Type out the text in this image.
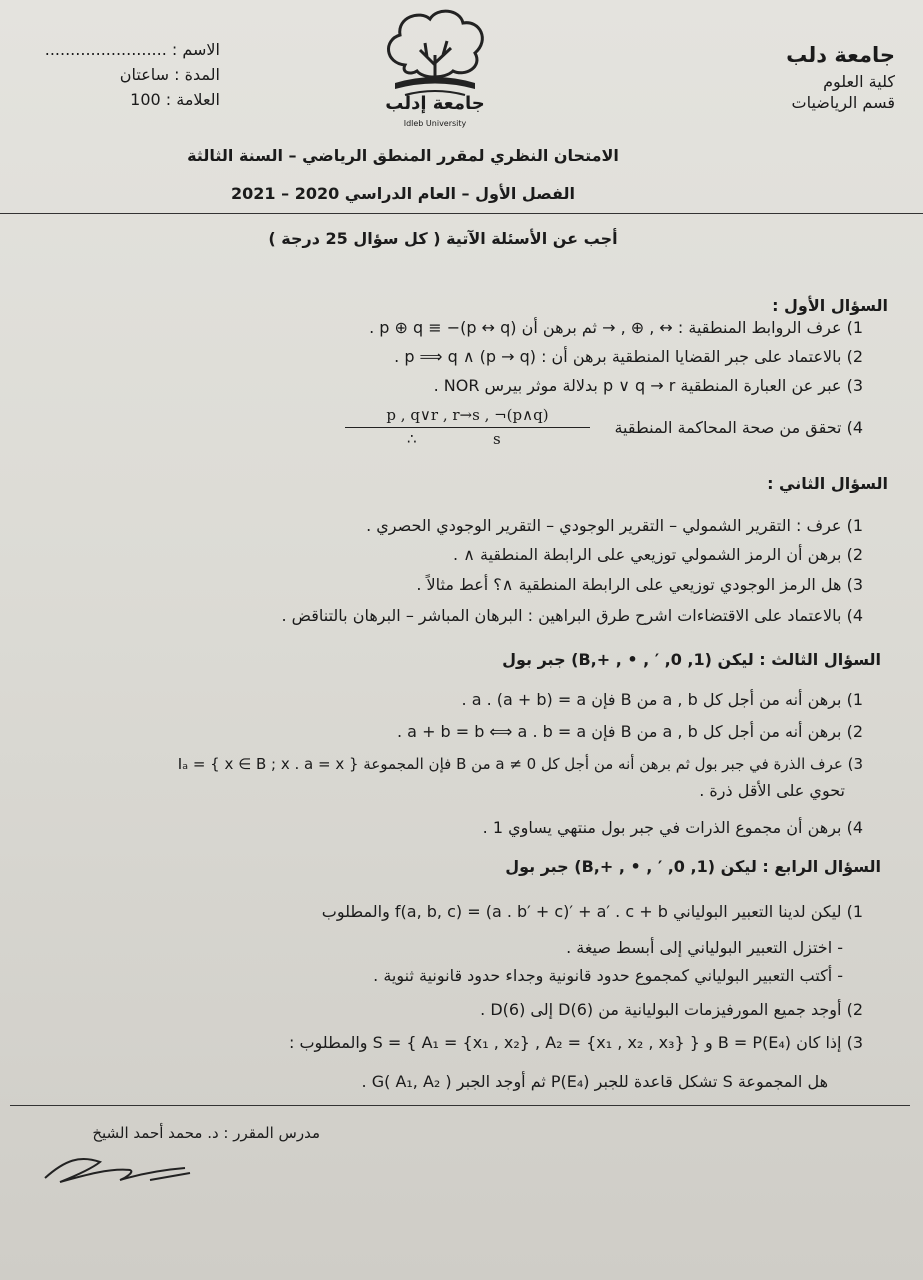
جامعة دلب
كلية العلوم
قسم الرياضيات
الاسم : ........................
المدة : ساعتان
العلامة : 100	جامعة إدلب
Idleb University
الامتحان النظري لمقرر المنطق الرياضي – السنة الثالثة
الفصل الأول – العام الدراسي 2020 – 2021
أجب عن الأسئلة الآتية ( كل سؤال 25 درجة )
السؤال الأول :
1) عرف الروابط المنطقية : ↔ , ⊕ , → ثم برهن أن p ⊕ q ≡ −(p ↔ q) .
2) بالاعتماد على جبر القضايا المنطقية برهن أن : (p → q) ∧ p ⟹ q .
3) عبر عن العبارة المنطقية p ∨ q → r بدلالة موثر بيرس NOR .
4) تحقق من صحة المحاكمة المنطقية
p , q∨r , r→s , ¬(p∧q)
∴	s
السؤال الثاني :
1) عرف : التقرير الشمولي – التقرير الوجودي – التقرير الوجودي الحصري .
2) برهن أن الرمز الشمولي توزيعي على الرابطة المنطقية ∧ .
3) هل الرمز الوجودي توزيعي على الرابطة المنطقية ∧؟ أعط مثالاً .
4) بالاعتماد على الاقتضاءات اشرح طرق البراهين : البرهان المباشر – البرهان بالتناقض .
السؤال الثالث : ليكن (B,+ , • , ′ ,0 ,1) جبر بول
1) برهن أنه من أجل كل a , b من B فإن a . (a + b) = a .
2) برهن أنه من أجل كل a , b من B فإن a + b = b ⟺ a . b = a .
3) عرف الذرة في جبر بول ثم برهن أنه من أجل كل a ≠ 0 من B فإن المجموعة Iₐ = { x ∈ B ; x . a = x }
تحوي على الأقل ذرة .
4) برهن أن مجموع الذرات في جبر بول منتهي يساوي 1 .
السؤال الرابع : ليكن (B,+ , • , ′ ,0 ,1) جبر بول
1) ليكن لدينا التعبير البولياني f(a, b, c) = (a . b′ + c)′ + a′ . c + b والمطلوب
- اختزل التعبير البولياني إلى أبسط صيغة .
- أكتب التعبير البولياني كمجموع حدود قانونية وجداء حدود قانونية ثنوية .
2) أوجد جميع المورفيزمات البوليانية من D(6) إلى D(6) .
3) إذا كان B = P(E₄) و S = { A₁ = {x₁ , x₂} , A₂ = {x₁ , x₂ , x₃} } والمطلوب :
هل المجموعة S تشكل قاعدة للجبر P(E₄) ثم أوجد الجبر G( A₁, A₂ ) .
مدرس المقرر : د. محمد أحمد الشيخ
